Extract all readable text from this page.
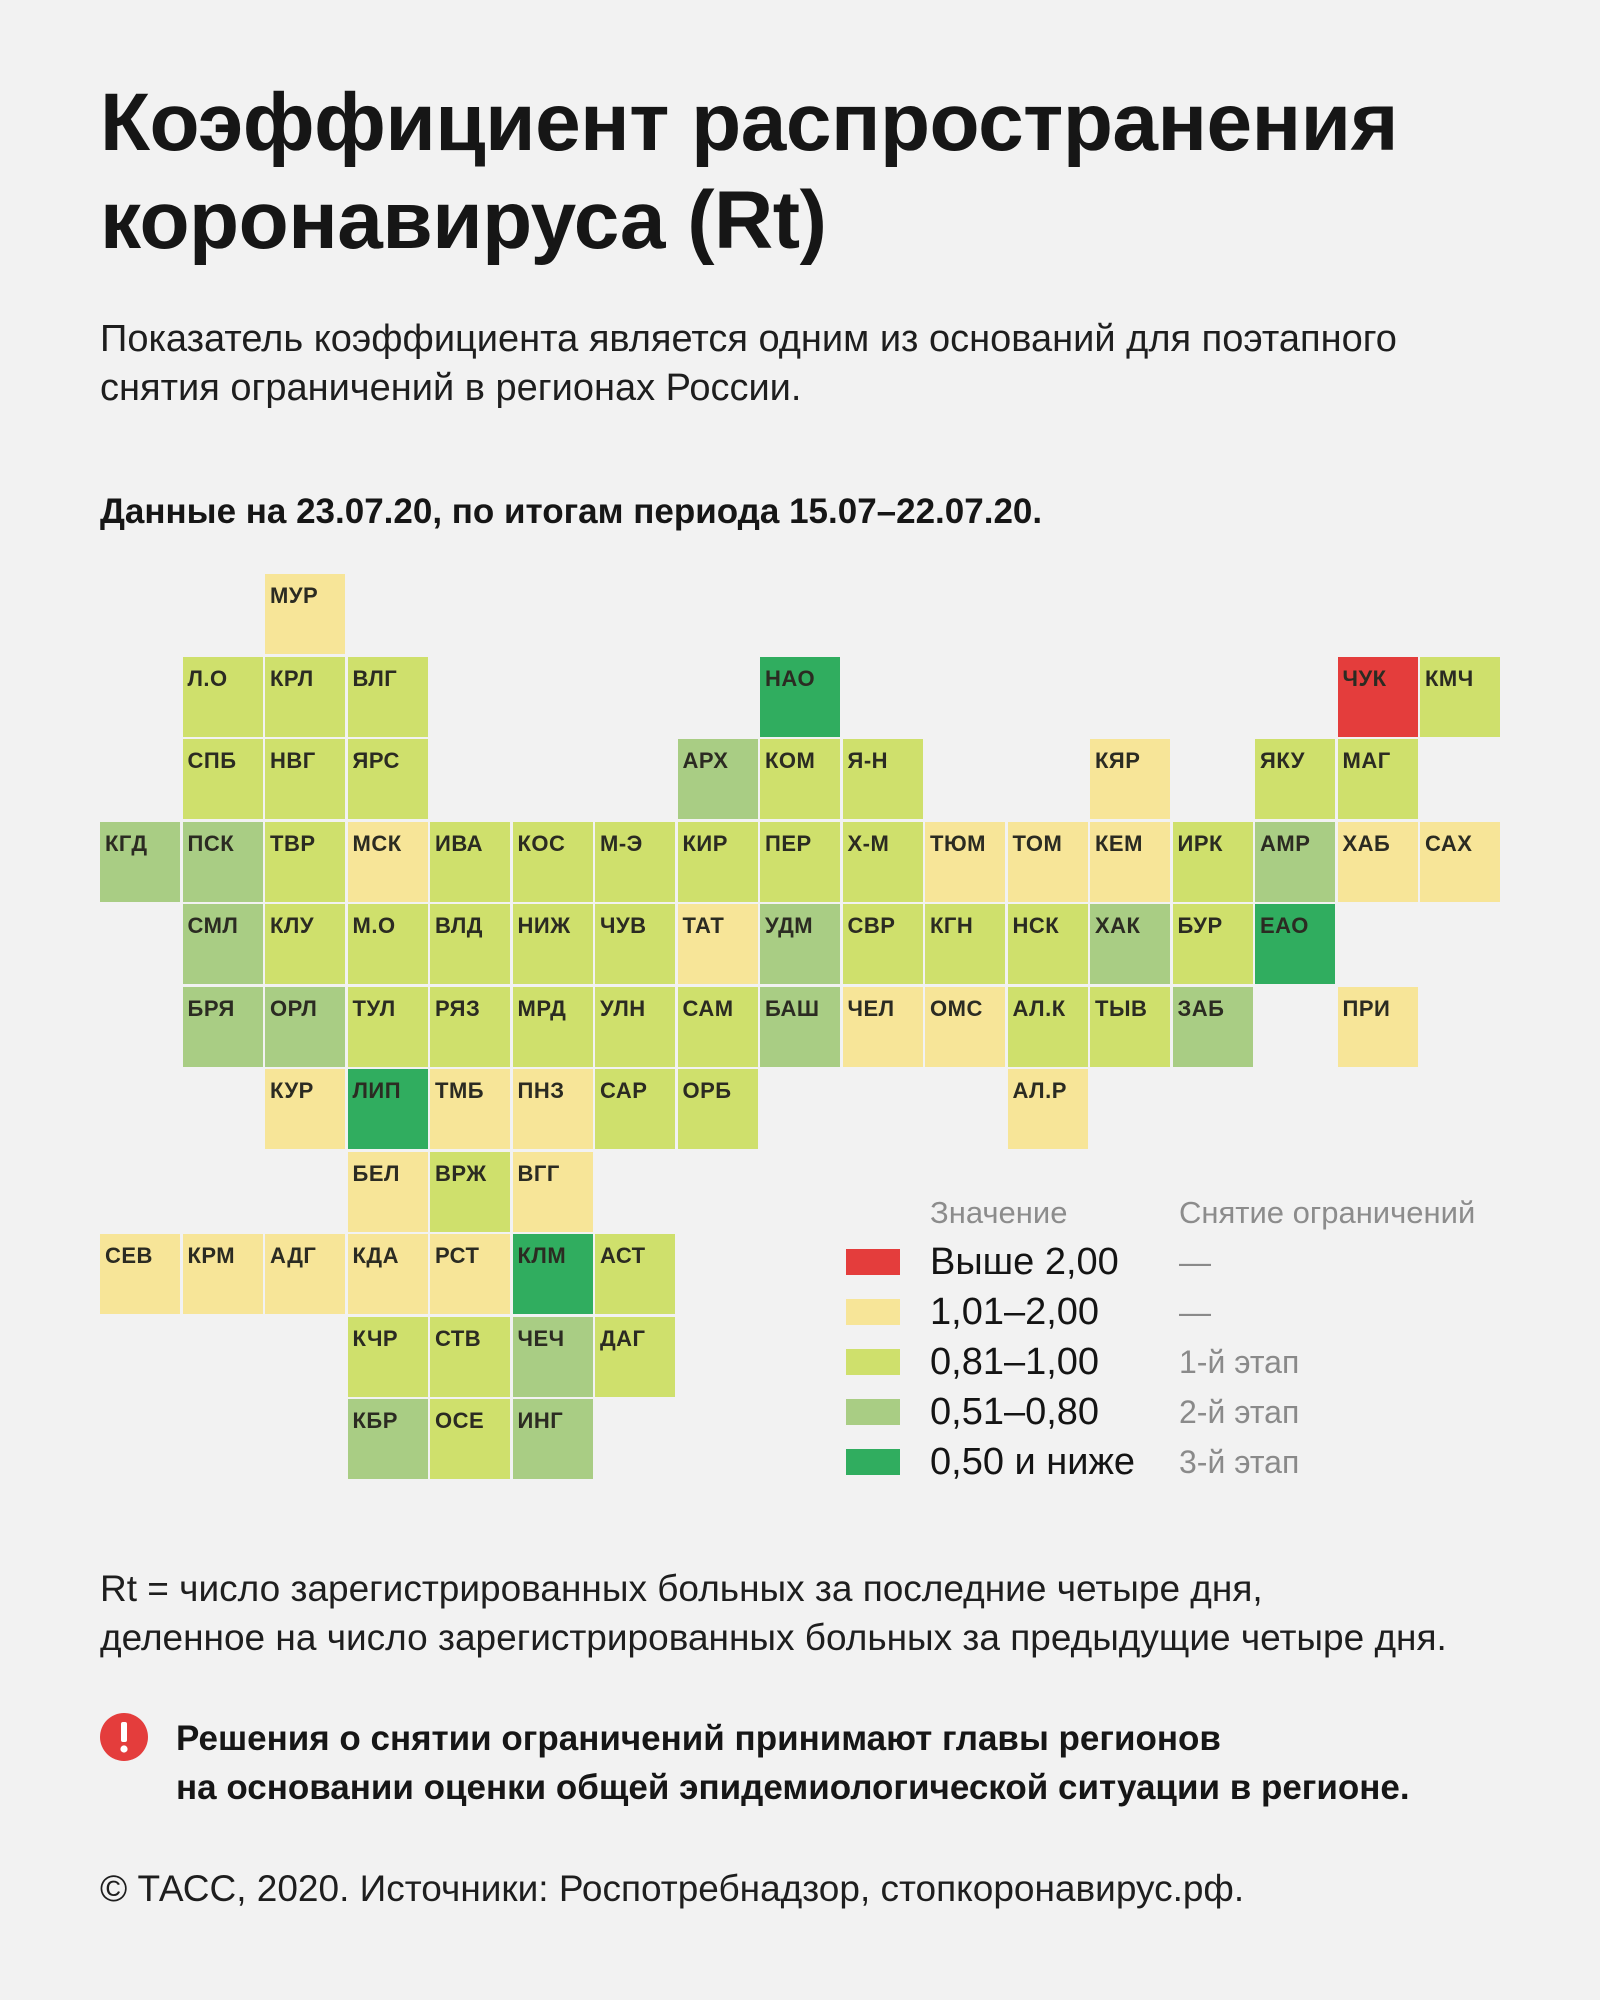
Коэффициент распространения
коронавируса (Rt)
Показатель коэффициента является одним из оснований для поэтапного
снятия ограничений в регионах России.
Данные на 23.07.20, по итогам периода 15.07–22.07.20.
МУР
Л.О	КРЛ	ВЛГ	НАО	ЧУК	КМЧ
СПБ	НВГ	ЯРС	АРХ	КОМ	Я-Н	КЯР	ЯКУ	МАГ
КГД	ПСК	ТВР	МСК	ИВА	КОС	М-Э	КИР	ПЕР	Х-М	ТЮМ	ТОМ	КЕМ	ИРК	АМР	ХАБ	САХ
СМЛ	КЛУ	М.О	ВЛД	НИЖ	ЧУВ	ТАТ	УДМ	СВР	КГН	НСК	ХАК	БУР	ЕАО
БРЯ	ОРЛ	ТУЛ	РЯЗ	МРД	УЛН	САМ	БАШ	ЧЕЛ	ОМС	АЛ.К	ТЫВ	ЗАБ	ПРИ
КУР	ЛИП	ТМБ	ПНЗ	САР	ОРБ	АЛ.Р
БЕЛ	ВРЖ	ВГГ
СЕВ	КРМ	АДГ	КДА	РСТ	КЛМ	АСТ
КЧР	СТВ	ЧЕЧ	ДАГ
КБР	ОСЕ	ИНГ
Значение	Снятие ограничений
Выше 2,00	—
1,01–2,00	—
0,81–1,00	1-й этап
0,51–0,80	2-й этап
0,50 и ниже	3-й этап
Rt = число зарегистрированных больных за последние четыре дня,
деленное на число зарегистрированных больных за предыдущие четыре дня.
Решения о снятии ограничений принимают главы регионов
на основании оценки общей эпидемиологической ситуации в регионе.
© ТАСС, 2020. Источники: Роспотребнадзор, стопкоронавирус.рф.
